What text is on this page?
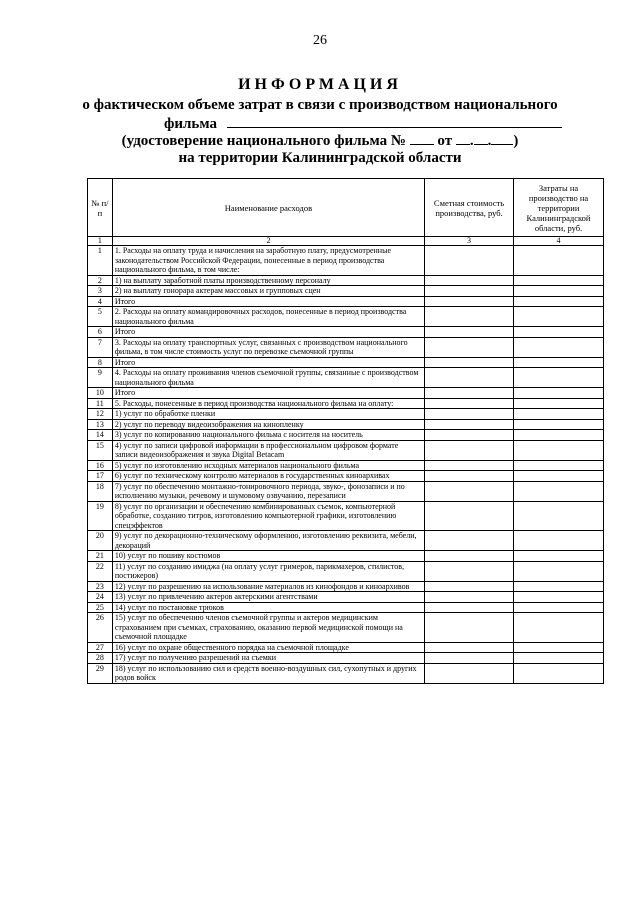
26
ИНФОРМАЦИЯ
о фактическом объеме затрат в связи с производством национального
фильма
(удостоверение национального фильма № от . . )
на территории Калининградской области
№ п/п	Наименование расходов	Сметная стоимость производства, руб.	Затраты на производство на территории Калининградской области, руб.
1	2	3	4
1	1. Расходы на оплату труда и начисления на заработную плату, предусмотренные законодательством Российской Федерации, понесенные в период производства национального фильма, в том числе:		
2	1) на выплату заработной платы производственному персоналу		
3	2) на выплату гонорара актерам массовых и групповых сцен		
4	Итого		
5	2. Расходы на оплату командировочных расходов, понесенные в период производства национального фильма		
6	Итого		
7	3. Расходы на оплату транспортных услуг, связанных с производством национального фильма, в том числе стоимость услуг по перевозке съемочной группы		
8	Итого		
9	4. Расходы на оплату проживания членов съемочной группы, связанные с производством национального фильма		
10	Итого		
11	5. Расходы, понесенные в период производства национального фильма на оплату:		
12	1) услуг по обработке пленки		
13	2) услуг по переводу видеоизображения на кинопленку		
14	3) услуг по копированию национального фильма с носителя на носитель		
15	4) услуг по записи цифровой информации в профессиональном цифровом формате записи видеоизображения и звука Digital Betacam		
16	5) услуг по изготовлению исходных материалов национального фильма		
17	6) услуг по техническому контролю материалов в государственных киноархивах		
18	7) услуг по обеспечению монтажно-тонировочного периода, звуко-, фонозаписи и по исполнению музыки, речевому и шумовому озвучанию, перезаписи		
19	8) услуг по организации и обеспечению комбинированных съемок, компьютерной обработке, созданию титров, изготовлению компьютерной графики, изготовлению спецэффектов		
20	9) услуг по декорационно-техническому оформлению, изготовлению реквизита, мебели, декораций		
21	10) услуг по пошиву костюмов		
22	11) услуг по созданию имиджа (на оплату услуг гримеров, парикмахеров, стилистов, постижеров)		
23	12) услуг по разрешению на использование материалов из кинофондов и киноархивов		
24	13) услуг по привлечению актеров актерскими агентствами		
25	14) услуг по постановке трюков		
26	15) услуг по обеспечению членов съемочной группы и актеров медицинским страхованием при съемках, страхованию, оказанию первой медицинской помощи на съемочной площадке		
27	16) услуг по охране общественного порядка на съемочной площадке		
28	17) услуг по получению разрешений на съемки		
29	18) услуг по использованию сил и средств военно-воздушных сил, сухопутных и других родов войск		
